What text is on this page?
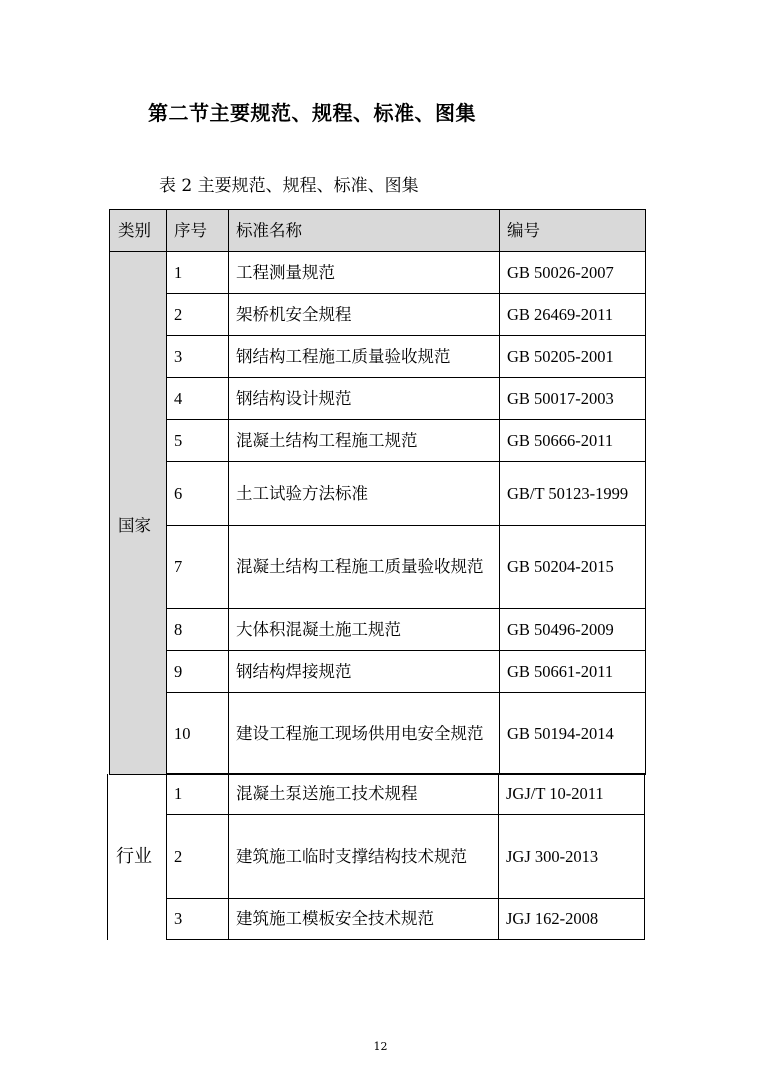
第二节主要规范、规程、标准、图集
表 2 主要规范、规程、标准、图集
类别	序号	标准名称	编号
国家	1	工程测量规范	GB 50026-2007
	2	架桥机安全规程	GB 26469-2011
	3	钢结构工程施工质量验收规范	GB 50205-2001
	4	钢结构设计规范	GB 50017-2003
	5	混凝土结构工程施工规范	GB 50666-2011
	6	土工试验方法标准	GB/T 50123-1999
	7	混凝土结构工程施工质量验收规范	GB 50204-2015
	8	大体积混凝土施工规范	GB 50496-2009
	9	钢结构焊接规范	GB 50661-2011
	10	建设工程施工现场供用电安全规范	GB 50194-2014
行业	1	混凝土泵送施工技术规程	JGJ/T 10-2011
	2	建筑施工临时支撑结构技术规范	JGJ 300-2013
	3	建筑施工模板安全技术规范	JGJ 162-2008
12
